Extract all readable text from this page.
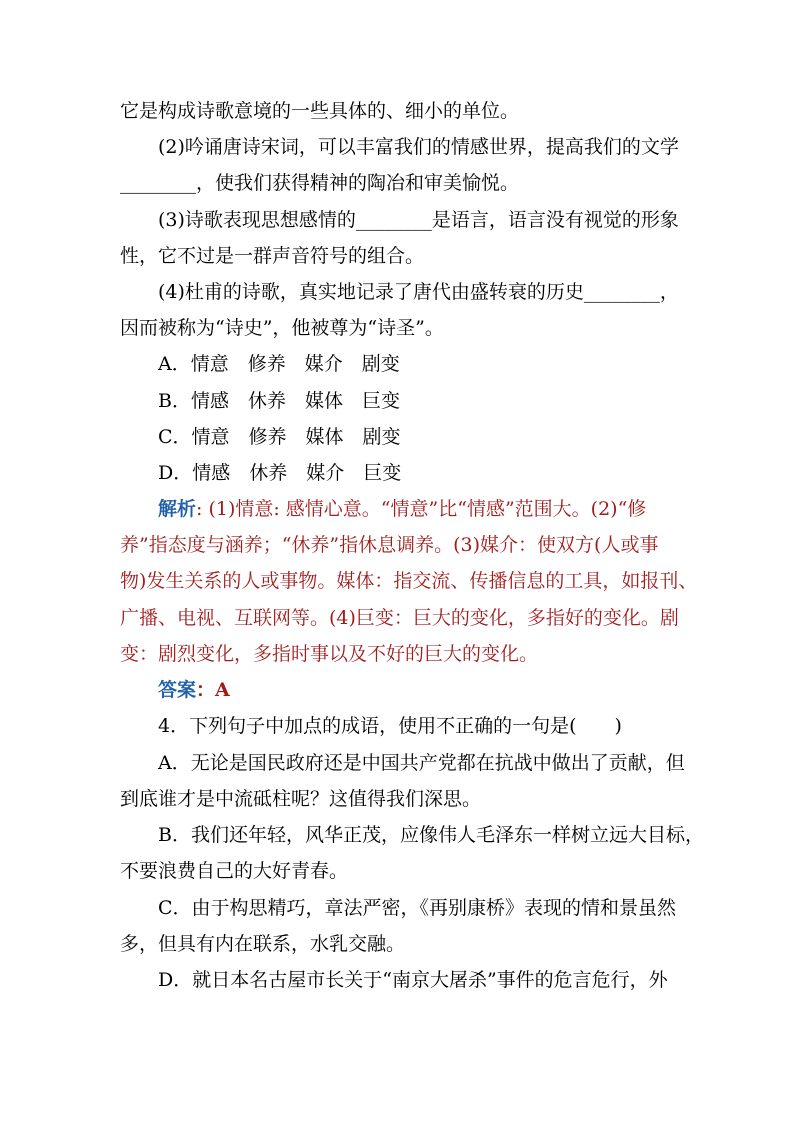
它是构成诗歌意境的一些具体的、细小的单位。
(2)吟诵唐诗宋词，可以丰富我们的情感世界，提高我们的文学
________，使我们获得精神的陶冶和审美愉悦。
(3)诗歌表现思想感情的________是语言，语言没有视觉的形象
性，它不过是一群声音符号的组合。
(4)杜甫的诗歌，真实地记录了唐代由盛转衰的历史________，
因而被称为“诗史”，他被尊为“诗圣”。
A．情意　修养　媒介　剧变
B．情感　休养　媒体　巨变
C．情意　修养　媒体　剧变
D．情感　休养　媒介　巨变
解析: (1)情意: 感情心意。“情意”比“情感”范围大。(2)“修
养”指态度与涵养；“休养”指休息调养。(3)媒介：使双方(人或事
物)发生关系的人或事物。媒体：指交流、传播信息的工具，如报刊、
广播、电视、互联网等。(4)巨变：巨大的变化，多指好的变化。剧
变：剧烈变化，多指时事以及不好的巨大的变化。
答案：A
4．下列句子中加点的成语，使用不正确的一句是(　　)
A．无论是国民政府还是中国共产党都在抗战中做出了贡献，但
到底谁才是中流砥柱呢？这值得我们深思。
B．我们还年轻，风华正茂，应像伟人毛泽东一样树立远大目标，
不要浪费自己的大好青春。
C．由于构思精巧，章法严密，《再别康桥》表现的情和景虽然
多，但具有内在联系，水乳交融。
D．就日本名古屋市长关于“南京大屠杀”事件的危言危行，外
